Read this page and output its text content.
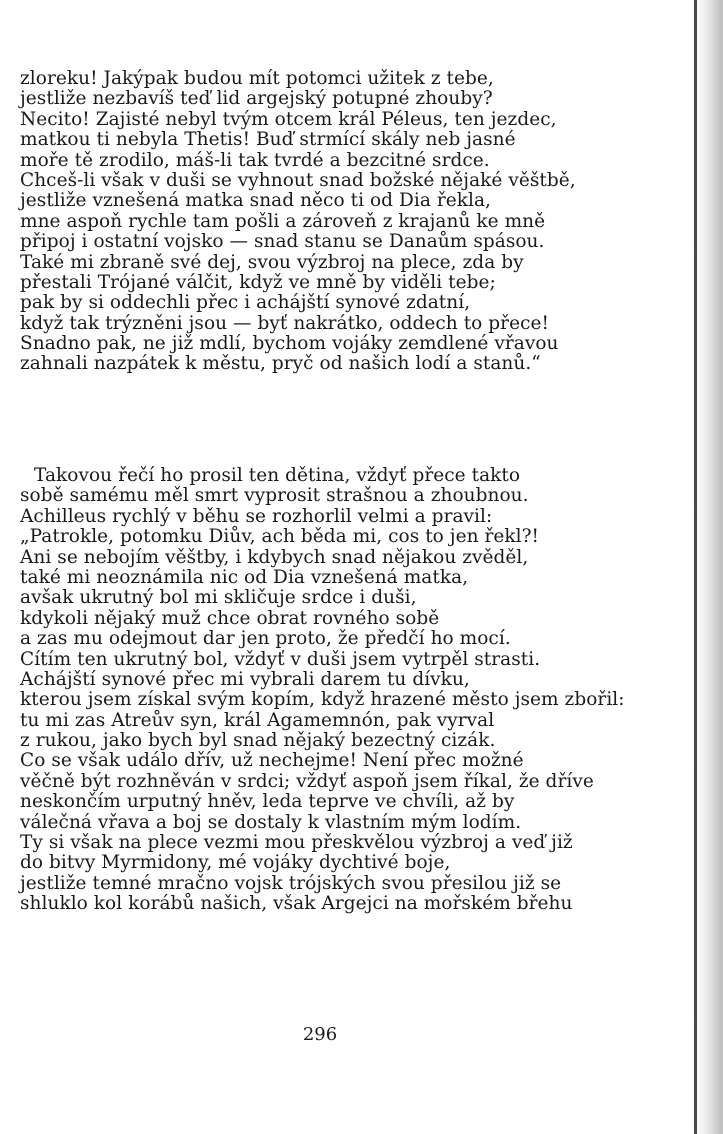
zloreku! Jakýpak budou mít potomci užitek z tebe,
jestliže nezbavíš teď lid argejský potupné zhouby?
Necito! Zajisté nebyl tvým otcem král Péleus, ten jezdec,
matkou ti nebyla Thetis! Buď strmící skály neb jasné
moře tě zrodilo, máš-li tak tvrdé a bezcitné srdce.
Chceš-li však v duši se vyhnout snad božské nějaké věštbě,
jestliže vznešená matka snad něco ti od Dia řekla,
mne aspoň rychle tam pošli a zároveň z krajanů ke mně
připoj i ostatní vojsko — snad stanu se Danaům spásou.
Také mi zbraně své dej, svou výzbroj na plece, zda by
přestali Trójané válčit, když ve mně by viděli tebe;
pak by si oddechli přec i achájští synové zdatní,
když tak trýzněni jsou — byť nakrátko, oddech to přece!
Snadno pak, ne již mdlí, bychom vojáky zemdlené vřavou
zahnali nazpátek k městu, pryč od našich lodí a stanů.“
Takovou řečí ho prosil ten dětina, vždyť přece takto
sobě samému měl smrt vyprosit strašnou a zhoubnou.
Achilleus rychlý v běhu se rozhorlil velmi a pravil:
„Patrokle, potomku Diův, ach běda mi, cos to jen řekl?!
Ani se nebojím věštby, i kdybych snad nějakou zvěděl,
také mi neoznámila nic od Dia vznešená matka,
avšak ukrutný bol mi skličuje srdce i duši,
kdykoli nějaký muž chce obrat rovného sobě
a zas mu odejmout dar jen proto, že předčí ho mocí.
Cítím ten ukrutný bol, vždyť v duši jsem vytrpěl strasti.
Achájští synové přec mi vybrali darem tu dívku,
kterou jsem získal svým kopím, když hrazené město jsem zbořil:
tu mi zas Atreův syn, král Agamemnón, pak vyrval
z rukou, jako bych byl snad nějaký bezectný cizák.
Co se však událo dřív, už nechejme! Není přec možné
věčně být rozhněván v srdci; vždyť aspoň jsem říkal, že dříve
neskončím urputný hněv, leda teprve ve chvíli, až by
válečná vřava a boj se dostaly k vlastním mým lodím.
Ty si však na plece vezmi mou přeskvělou výzbroj a veď již
do bitvy Myrmidony, mé vojáky dychtivé boje,
jestliže temné mračno vojsk trójských svou přesilou již se
shluklo kol korábů našich, však Argejci na mořském břehu
296
